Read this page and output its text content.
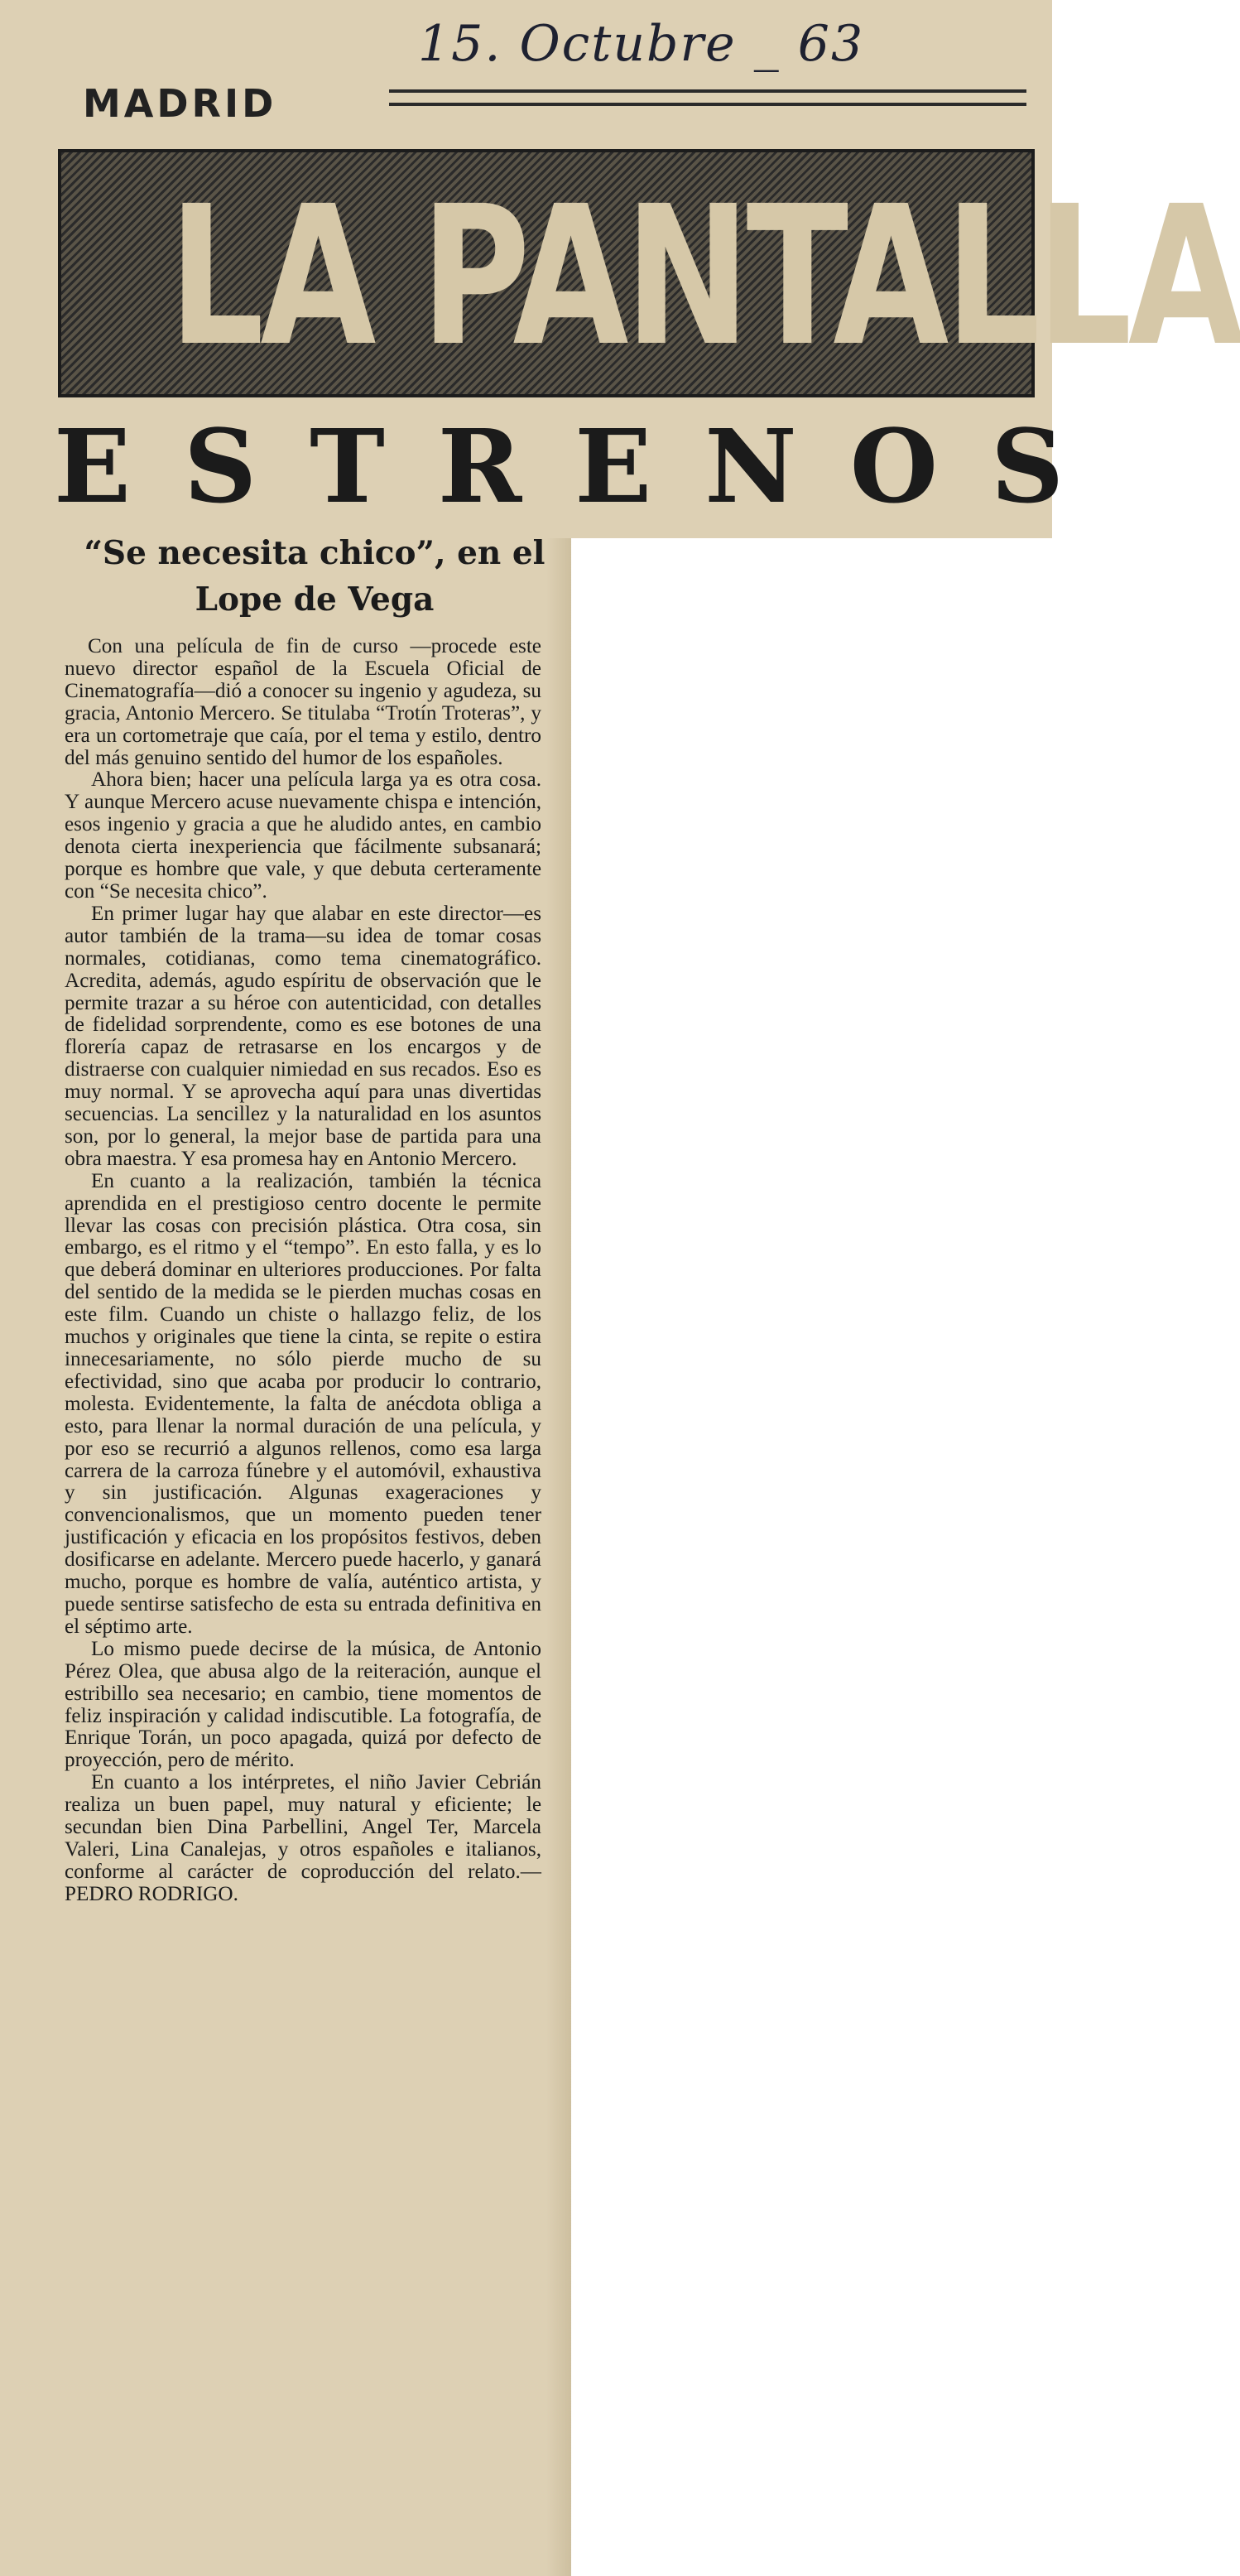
15. Octubre _ 63
MADRID
LA PANTALLA
ESTRENOS
“Se necesita chico”, en el
Lope de Vega

Con una película de fin de curso —procede este nuevo director español de la Escuela Oficial de Cinematografía—dió a conocer su ingenio y agudeza, su gracia, Antonio Mercero. Se titulaba “Trotín Troteras”, y era un cortometraje que caía, por el tema y estilo, dentro del más genuino sentido del humor de los españoles.

Ahora bien; hacer una película larga ya es otra cosa. Y aunque Mercero acuse nuevamente chispa e intención, esos ingenio y gracia a que he aludido antes, en cambio denota cierta inexperiencia que fácilmente subsanará; porque es hombre que vale, y que debuta certeramente con “Se necesita chico”.

En primer lugar hay que alabar en este director—es autor también de la trama—su idea de tomar cosas normales, cotidianas, como tema cinematográfico. Acredita, además, agudo espíritu de observación que le permite trazar a su héroe con autenticidad, con detalles de fidelidad sorprendente, como es ese botones de una florería capaz de retrasarse en los encargos y de distraerse con cualquier nimiedad en sus recados. Eso es muy normal. Y se aprovecha aquí para unas divertidas secuencias. La sencillez y la naturalidad en los asuntos son, por lo general, la mejor base de partida para una obra maestra. Y esa promesa hay en Antonio Mercero.

En cuanto a la realización, también la técnica aprendida en el prestigioso centro docente le permite llevar las cosas con precisión plástica. Otra cosa, sin embargo, es el ritmo y el “tempo”. En esto falla, y es lo que deberá dominar en ulteriores producciones. Por falta del sentido de la medida se le pierden muchas cosas en este film. Cuando un chiste o hallazgo feliz, de los muchos y originales que tiene la cinta, se repite o estira innecesariamente, no sólo pierde mucho de su efectividad, sino que acaba por producir lo contrario, molesta. Evidentemente, la falta de anécdota obliga a esto, para llenar la normal duración de una película, y por eso se recurrió a algunos rellenos, como esa larga carrera de la carroza fúnebre y el automóvil, exhaustiva y sin justificación. Algunas exageraciones y convencionalismos, que un momento pueden tener justificación y eficacia en los propósitos festivos, deben dosificarse en adelante. Mercero puede hacerlo, y ganará mucho, porque es hombre de valía, auténtico artista, y puede sentirse satisfecho de esta su entrada definitiva en el séptimo arte.

Lo mismo puede decirse de la música, de Antonio Pérez Olea, que abusa algo de la reiteración, aunque el estribillo sea necesario; en cambio, tiene momentos de feliz inspiración y calidad indiscutible. La fotografía, de Enrique Torán, un poco apagada, quizá por defecto de proyección, pero de mérito.

En cuanto a los intérpretes, el niño Javier Cebrián realiza un buen papel, muy natural y eficiente; le secundan bien Dina Parbellini, Angel Ter, Marcela Valeri, Lina Canalejas, y otros españoles e italianos, conforme al carácter de coproducción del relato.—PEDRO RODRIGO.
